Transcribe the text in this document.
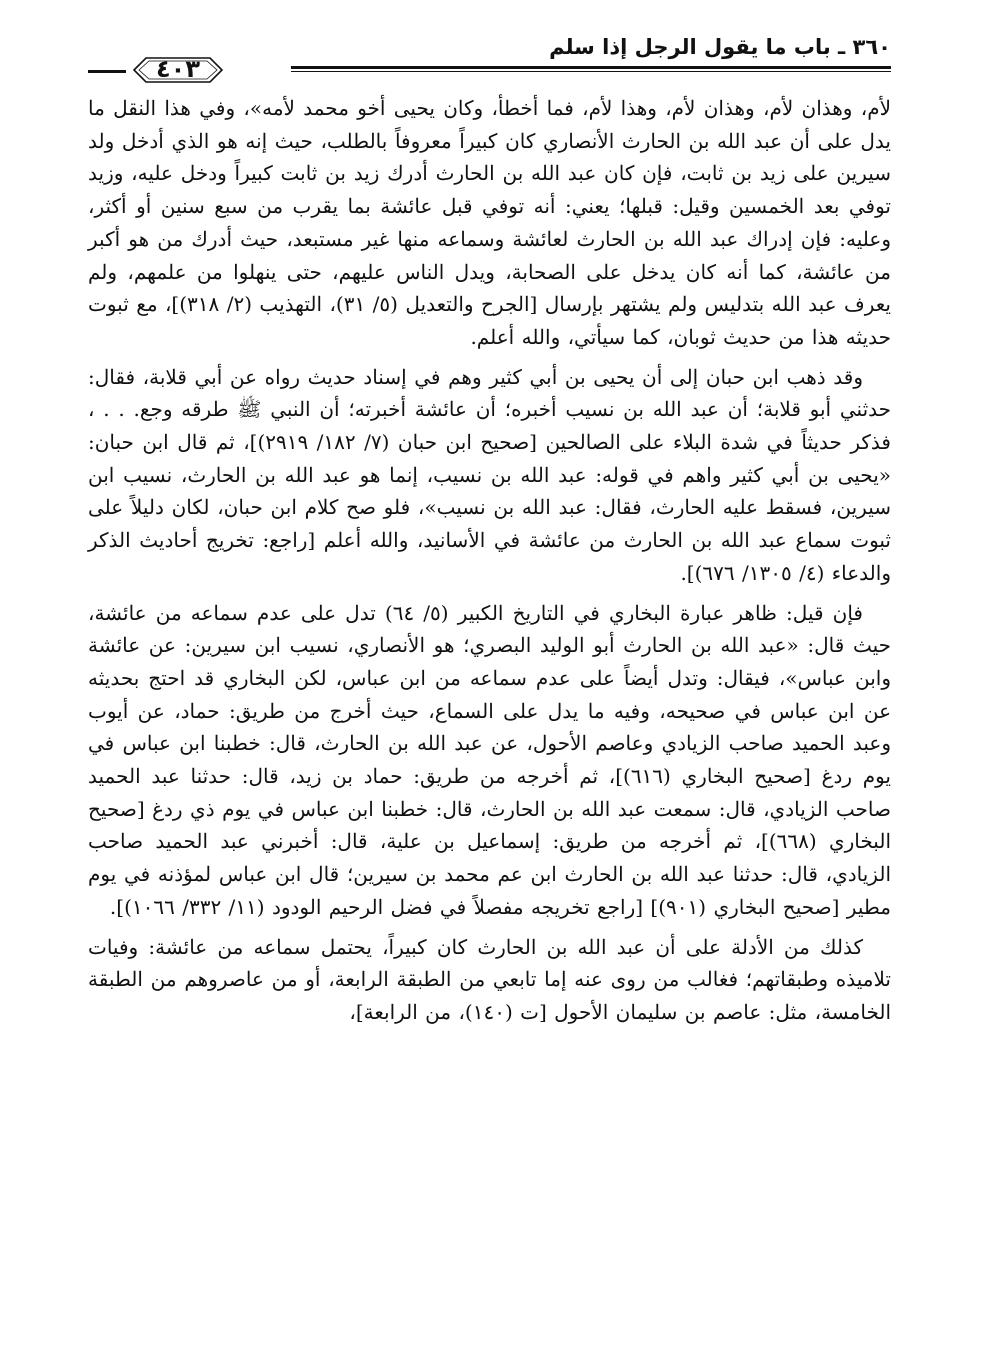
٣٦٠ ـ باب ما يقول الرجل إذا سلم
٤٠٣

لأم، وهذان لأم، وهذان لأم، وهذا لأم، فما أخطأ، وكان يحيى أخو محمد لأمه»، وفي هذا النقل ما يدل على أن عبد الله بن الحارث الأنصاري كان كبيراً معروفاً بالطلب، حيث إنه هو الذي أدخل ولد سيرين على زيد بن ثابت، فإن كان عبد الله بن الحارث أدرك زيد بن ثابت كبيراً ودخل عليه، وزيد توفي بعد الخمسين وقيل: قبلها؛ يعني: أنه توفي قبل عائشة بما يقرب من سبع سنين أو أكثر، وعليه: فإن إدراك عبد الله بن الحارث لعائشة وسماعه منها غير مستبعد، حيث أدرك من هو أكبر من عائشة، كما أنه كان يدخل على الصحابة، ويدل الناس عليهم، حتى ينهلوا من علمهم، ولم يعرف عبد الله بتدليس ولم يشتهر بإرسال [الجرح والتعديل (٥/ ٣١)، التهذيب (٢/ ٣١٨)]، مع ثبوت حديثه هذا من حديث ثوبان، كما سيأتي، والله أعلم.

وقد ذهب ابن حبان إلى أن يحيى بن أبي كثير وهم في إسناد حديث رواه عن أبي قلابة، فقال: حدثني أبو قلابة؛ أن عبد الله بن نسيب أخبره؛ أن عائشة أخبرته؛ أن النبي ﷺ طرقه وجع. . . ، فذكر حديثاً في شدة البلاء على الصالحين [صحيح ابن حبان (٧/ ١٨٢/ ٢٩١٩)]، ثم قال ابن حبان: «يحيى بن أبي كثير واهم في قوله: عبد الله بن نسيب، إنما هو عبد الله بن الحارث، نسيب ابن سيرين، فسقط عليه الحارث، فقال: عبد الله بن نسيب»، فلو صح كلام ابن حبان، لكان دليلاً على ثبوت سماع عبد الله بن الحارث من عائشة في الأسانيد، والله أعلم [راجع: تخريج أحاديث الذكر والدعاء (٤/ ١٣٠٥/ ٦٧٦)].

فإن قيل: ظاهر عبارة البخاري في التاريخ الكبير (٥/ ٦٤) تدل على عدم سماعه من عائشة، حيث قال: «عبد الله بن الحارث أبو الوليد البصري؛ هو الأنصاري، نسيب ابن سيرين: عن عائشة وابن عباس»، فيقال: وتدل أيضاً على عدم سماعه من ابن عباس، لكن البخاري قد احتج بحديثه عن ابن عباس في صحيحه، وفيه ما يدل على السماع، حيث أخرج من طريق: حماد، عن أيوب وعبد الحميد صاحب الزيادي وعاصم الأحول، عن عبد الله بن الحارث، قال: خطبنا ابن عباس في يوم ردغ [صحيح البخاري (٦١٦)]، ثم أخرجه من طريق: حماد بن زيد، قال: حدثنا عبد الحميد صاحب الزيادي، قال: سمعت عبد الله بن الحارث، قال: خطبنا ابن عباس في يوم ذي ردغ [صحيح البخاري (٦٦٨)]، ثم أخرجه من طريق: إسماعيل بن علية، قال: أخبرني عبد الحميد صاحب الزيادي، قال: حدثنا عبد الله بن الحارث ابن عم محمد بن سيرين؛ قال ابن عباس لمؤذنه في يوم مطير [صحيح البخاري (٩٠١)] [راجع تخريجه مفصلاً في فضل الرحيم الودود (١١/ ٣٣٢/ ١٠٦٦)].

كذلك من الأدلة على أن عبد الله بن الحارث كان كبيراً، يحتمل سماعه من عائشة: وفيات تلاميذه وطبقاتهم؛ فغالب من روى عنه إما تابعي من الطبقة الرابعة، أو من عاصروهم من الطبقة الخامسة، مثل: عاصم بن سليمان الأحول [ت (١٤٠)، من الرابعة]،
